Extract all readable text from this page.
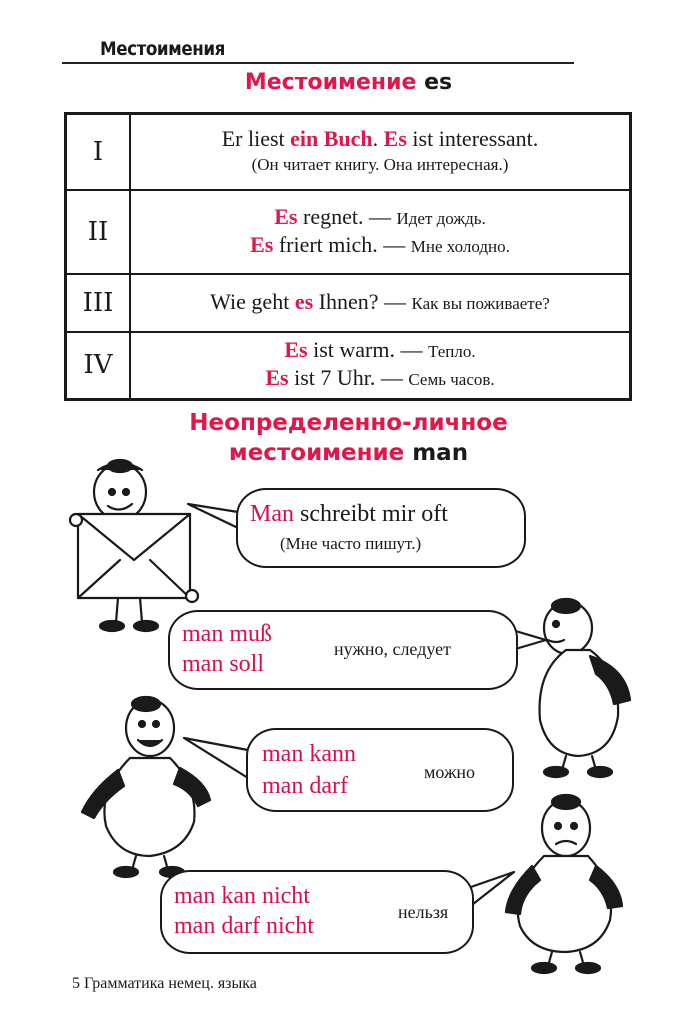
Местоимения
Местоимение es
I	Er liest ein Buch. Es ist interessant.
(Он читает книгу. Она интересная.)

II	Es regnet. — Идет дождь.
Es friert mich. — Мне холодно.

III	Wie geht es Ihnen? — Как вы поживаете?

IV	Es ist warm. — Тепло.
Es ist 7 Uhr. — Семь часов.
Неопределенно-личное
местоимение man
Man schreibt mir oft
(Мне часто пишут.)
man muß
man soll
нужно, следует
man kann
man darf
можно
man kan nicht
man darf nicht
нельзя
5 Грамматика немец. языка
